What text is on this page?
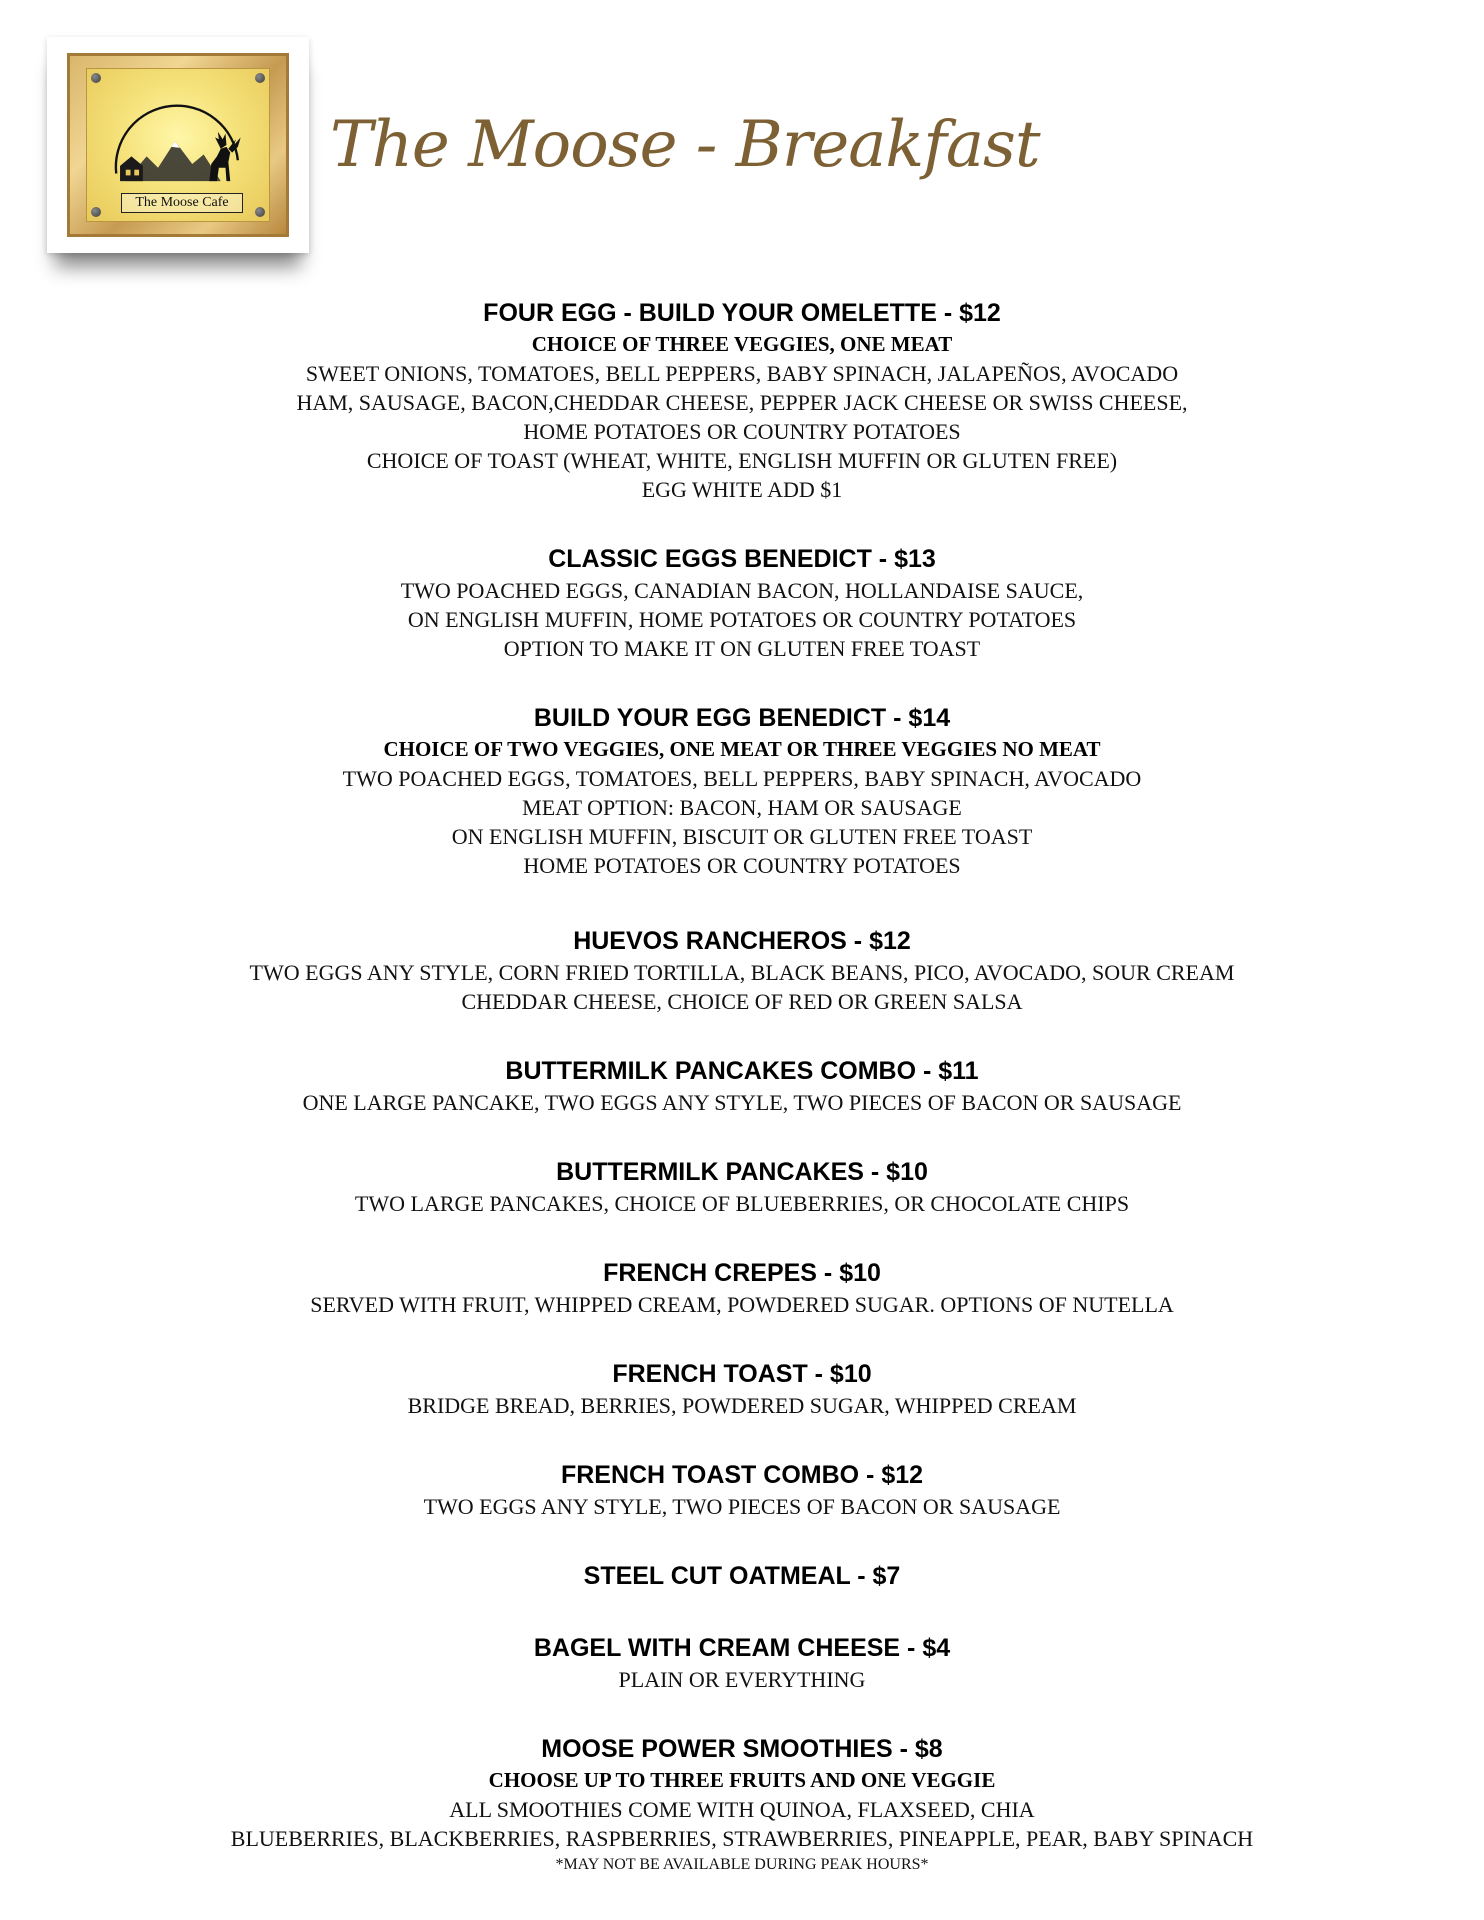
The Moose Cafe
The Moose - Breakfast
FOUR EGG - BUILD YOUR OMELETTE - $12
CHOICE OF THREE VEGGIES, ONE MEAT

SWEET ONIONS, TOMATOES, BELL PEPPERS, BABY SPINACH, JALAPEÑOS, AVOCADO

HAM, SAUSAGE, BACON,CHEDDAR CHEESE, PEPPER JACK CHEESE OR SWISS CHEESE,

HOME POTATOES OR COUNTRY POTATOES

CHOICE OF TOAST (WHEAT, WHITE, ENGLISH MUFFIN OR GLUTEN FREE)

EGG WHITE ADD $1

CLASSIC EGGS BENEDICT - $13

TWO POACHED EGGS, CANADIAN BACON, HOLLANDAISE SAUCE,

ON ENGLISH MUFFIN, HOME POTATOES OR COUNTRY POTATOES

OPTION TO MAKE IT ON GLUTEN FREE TOAST

BUILD YOUR EGG BENEDICT - $14
CHOICE OF TWO VEGGIES, ONE MEAT OR THREE VEGGIES NO MEAT

TWO POACHED EGGS, TOMATOES, BELL PEPPERS, BABY SPINACH, AVOCADO

MEAT OPTION: BACON, HAM OR SAUSAGE

ON ENGLISH MUFFIN, BISCUIT OR GLUTEN FREE TOAST

HOME POTATOES OR COUNTRY POTATOES

HUEVOS RANCHEROS - $12

TWO EGGS ANY STYLE, CORN FRIED TORTILLA, BLACK BEANS, PICO, AVOCADO, SOUR CREAM

CHEDDAR CHEESE, CHOICE OF RED OR GREEN SALSA

BUTTERMILK PANCAKES COMBO - $11

ONE LARGE PANCAKE, TWO EGGS ANY STYLE, TWO PIECES OF BACON OR SAUSAGE

BUTTERMILK PANCAKES - $10

TWO LARGE PANCAKES, CHOICE OF BLUEBERRIES, OR CHOCOLATE CHIPS

FRENCH CREPES - $10

SERVED WITH FRUIT, WHIPPED CREAM, POWDERED SUGAR. OPTIONS OF NUTELLA

FRENCH TOAST - $10

BRIDGE BREAD, BERRIES, POWDERED SUGAR, WHIPPED CREAM

FRENCH TOAST COMBO - $12

TWO EGGS ANY STYLE, TWO PIECES OF BACON OR SAUSAGE

STEEL CUT OATMEAL - $7
BAGEL WITH CREAM CHEESE - $4

PLAIN OR EVERYTHING

MOOSE POWER SMOOTHIES - $8
CHOOSE UP TO THREE FRUITS AND ONE VEGGIE

ALL SMOOTHIES COME WITH QUINOA, FLAXSEED, CHIA

BLUEBERRIES, BLACKBERRIES, RASPBERRIES, STRAWBERRIES, PINEAPPLE, PEAR, BABY SPINACH

*MAY NOT BE AVAILABLE DURING PEAK HOURS*
